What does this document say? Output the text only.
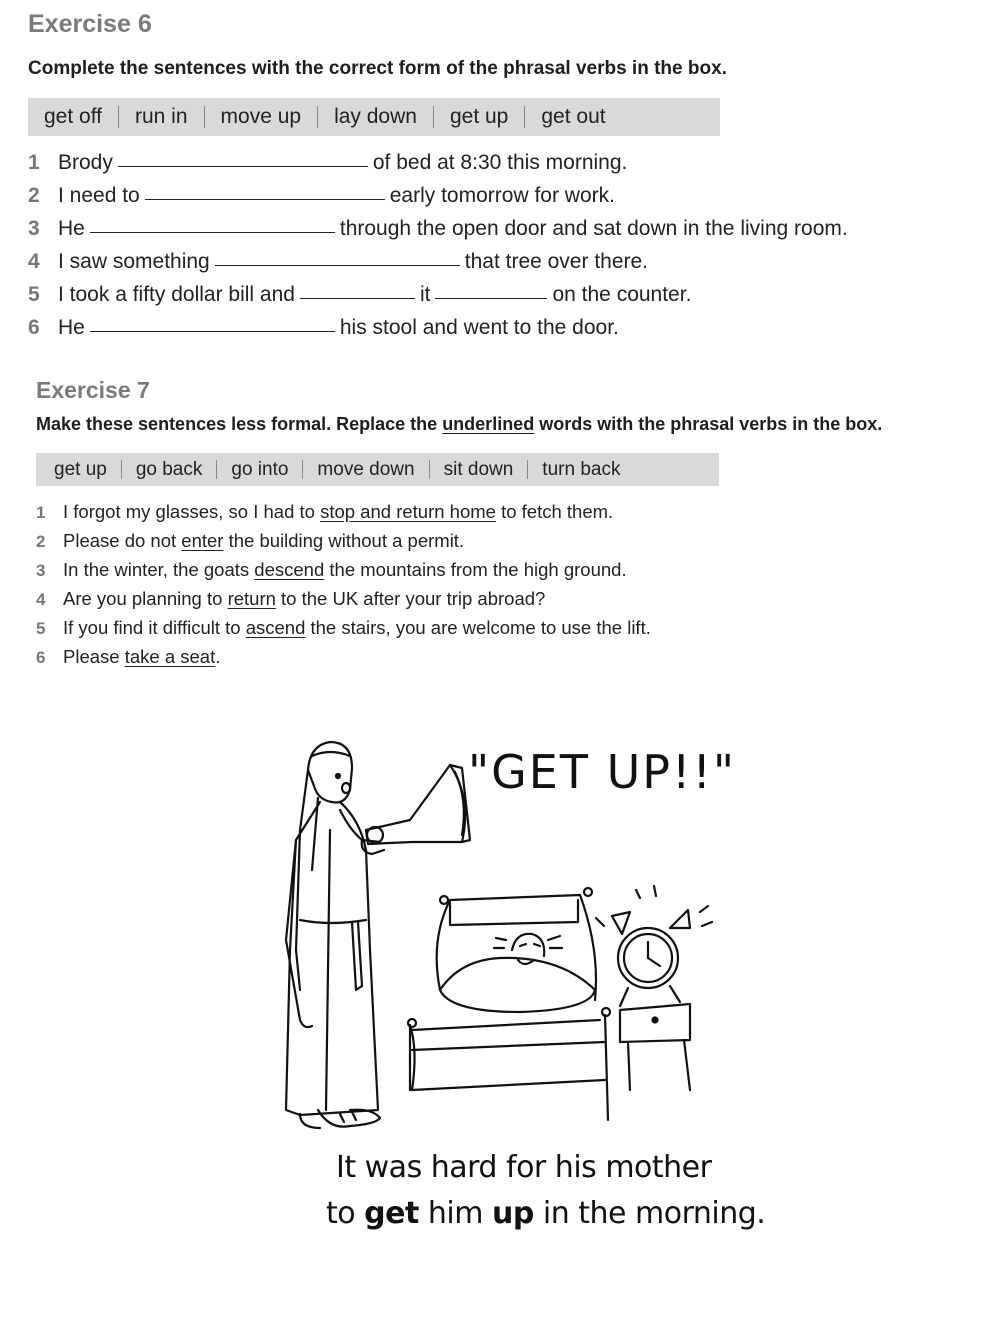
Exercise 6
Complete the sentences with the correct form of the phrasal verbs in the box.
get off	run in	move up	lay down	get up	get out
1 Brody	of bed at 8:30 this morning.
2 I need to	early tomorrow for work.
3 He	through the open door and sat down in the living room.
4 I saw something	that tree over there.
5 I took a fifty dollar bill and	it	on the counter.
6 He	his stool and went to the door.
Exercise 7
Make these sentences less formal. Replace the underlined words with the phrasal verbs in the box.
get up	go back	go into	move down	sit down	turn back
1 I forgot my glasses, so I had to stop and return home to fetch them.
2 Please do not enter the building without a permit.
3 In the winter, the goats descend the mountains from the high ground.
4 Are you planning to return to the UK after your trip abroad?
5 If you find it difficult to ascend the stairs, you are welcome to use the lift.
6 Please take a seat .
"GET UP!!"
It was hard for his mother
to get him up in the morning.
